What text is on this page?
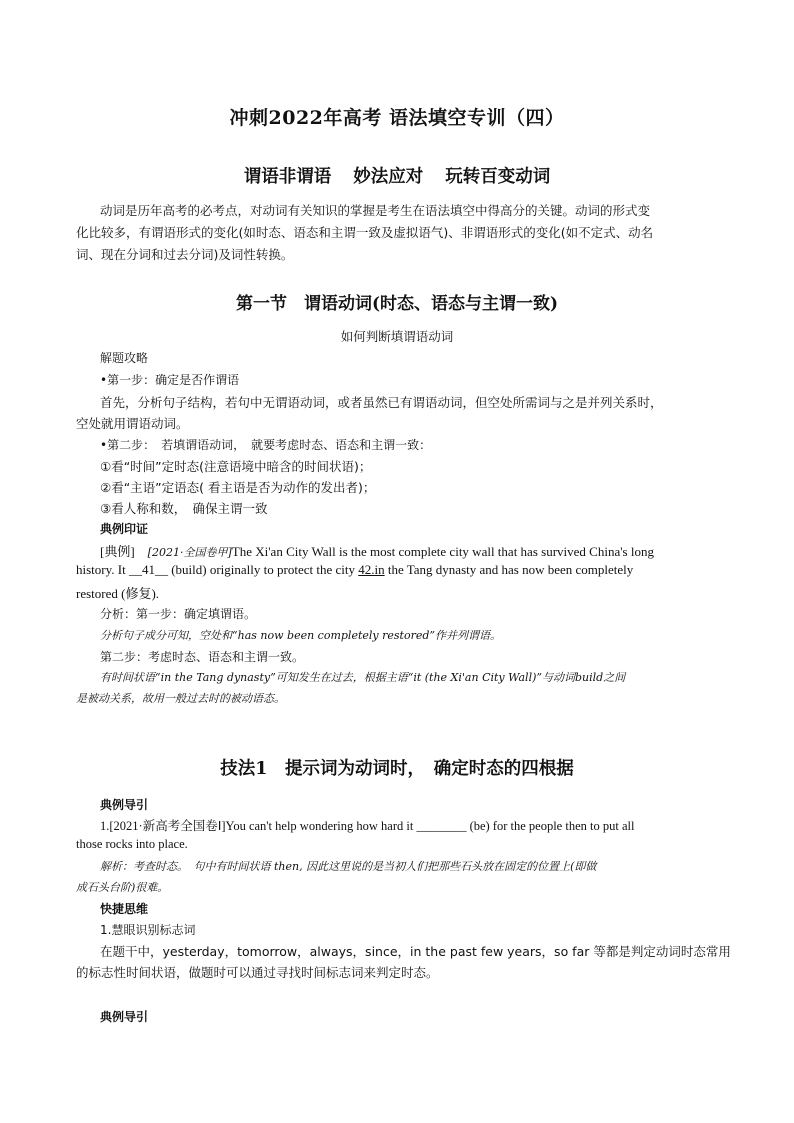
冲刺2022年高考 语法填空专训（四）
谓语非谓语 妙法应对 玩转百变动词
动词是历年高考的必考点，对动词有关知识的掌握是考生在语法填空中得高分的关键。动词的形式变
化比较多，有谓语形式的变化(如时态、语态和主谓一致及虚拟语气)、非谓语形式的变化(如不定式、动名
词、现在分词和过去分词)及词性转换。
第一节　谓语动词(时态、语态与主谓一致)
如何判断填谓语动词
解题攻略
•第一步：确定是否作谓语
首先，分析句子结构，若句中无谓语动词，或者虽然已有谓语动词，但空处所需词与之是并列关系时，
空处就用谓语动词。
•第二步：　若填谓语动词，　就要考虑时态、语态和主谓一致：
①看“时间”定时态(注意语境中暗含的时间状语)；
②看“主语”定语态( 看主语是否为动作的发出者)；
③看人称和数，　确保主谓一致
典例印证
[典例] [2021·全国卷甲]The Xi'an City Wall is the most complete city wall that has survived China's long
history. It __41__ (build) originally to protect the city 42.in the Tang dynasty and has now been completely
restored (修复).
分析：第一步：确定填谓语。
分析句子成分可知，空处和“has now been completely restored”作并列谓语。
第二步：考虑时态、语态和主谓一致。
有时间状语“in the Tang dynasty”可知发生在过去，根据主语“it (the Xi'an City Wall)”与动词build之间
是被动关系，故用一般过去时的被动语态。
技法1　提示词为动词时，　确定时态的四根据
典例导引
1.[2021·新高考全国卷Ⅰ]You can't help wondering how hard it ________ (be) for the people then to put all
those rocks into place.
解析：考查时态。　句中有时间状语 then, 因此这里说的是当初人们把那些石头放在固定的位置上(即做
成石头台阶)很难。
快捷思维
1.慧眼识别标志词
在题干中，yesterday，tomorrow，always，since，in the past few years，so far 等都是判定动词时态常用
的标志性时间状语，做题时可以通过寻找时间标志词来判定时态。
典例导引
